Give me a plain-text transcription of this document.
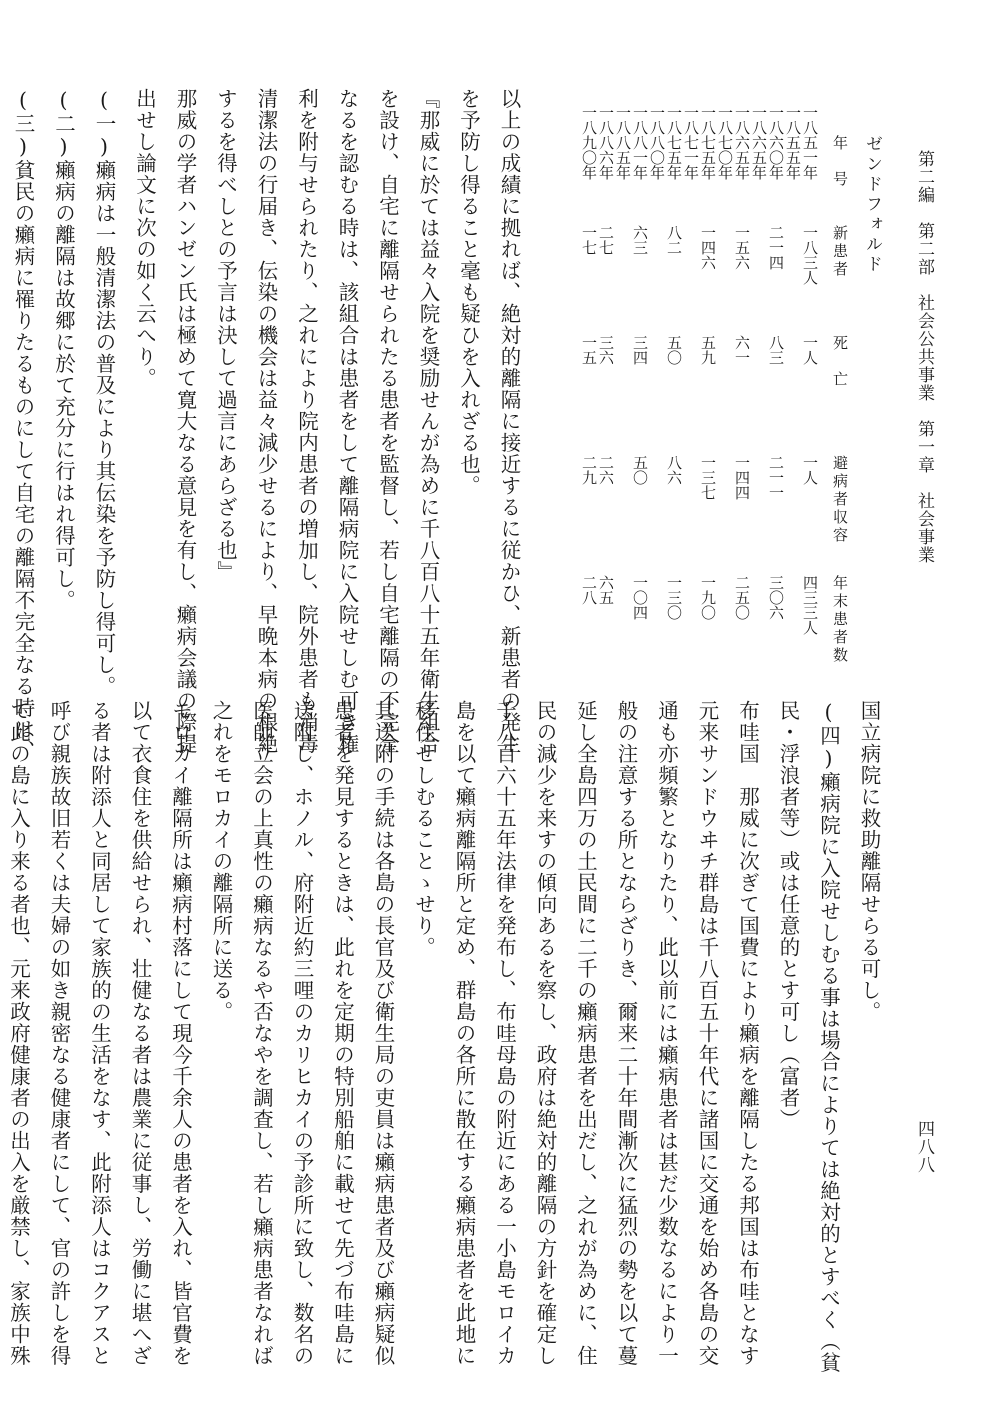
第二編　第二部　社会公共事業　第一章　社会事業
四八八
ゼンドフォルド
年　号
新患者
死　亡
避病者収容
年末患者数
一八五一年
一八三人
一人
一人
四三三人
一八五五年
一八六〇年
二一四
八三
二一一
三〇六
一八六五年
一八六五年
一五六
六一
一四四
二五〇
一八七〇年
一八七五年
一四六
五九
一三七
一九〇
一八七一年
一八七五年
八二
五〇
八六
一三〇
一八八〇年
一八八一年
六三
三四
五〇
一〇四
一八八五年
一八八六年
二七
三六
二六
六五
一八九〇年
一七
一五
二九
二八
以上の成績に拠れば、絶対的離隔に接近するに従かひ、新患者の発生
を予防し得ること毫も疑ひを入れざる也。
『那威に於ては益々入院を奨励せんが為めに千八百八十五年衛生組合
を設け、自宅に離隔せられたる患者を監督し、若し自宅離隔の不完全
なるを認むる時は、該組合は患者をして離隔病院に入院せしむ可き権
利を附与せられたり、之れにより院内患者の増加し、院外患者も消毒
清潔法の行届き、伝染の機会は益々減少せるにより、早晩本病の根絶
するを得べしとの予言は決して過言にあらざる也』
那威の学者ハンゼン氏は極めて寛大なる意見を有し、癩病会議の際提
出せし論文に次の如く云へり。
(一)癩病は一般清潔法の普及により其伝染を予防し得可し。
(二)癩病の離隔は故郷に於て充分に行はれ得可し。
(三)貧民の癩病に罹りたるものにして自宅の離隔不完全なる時は、
国立病院に救助離隔せらる可し。
(四)癩病院に入院せしむる事は場合によりては絶対的とすべく（貧
民・浮浪者等）或は任意的とす可し（富者）
布哇国　那威に次ぎて国費により癩病を離隔したる邦国は布哇となす
元来サンドウヰチ群島は千八百五十年代に諸国に交通を始め各島の交
通も亦頻繁となりたり、此以前には癩病患者は甚だ少数なるにより一
般の注意する所とならざりき、爾来二十年間漸次に猛烈の勢を以て蔓
延し全島四万の土民間に二千の癩病患者を出だし、之れが為めに、住
民の減少を来すの傾向あるを察し、政府は絶対的離隔の方針を確定し
千八百六十五年法律を発布し、布哇母島の附近にある一小島モロイカ
島を以て癩病離隔所と定め、群島の各所に散在する癩病患者を此地に
移住せしむることゝせり。
其送附の手続は各島の長官及び衛生局の吏員は癩病患者及び癩病疑似
患者を発見するときは、此れを定期の特別船舶に載せて先づ布哇島に
送附し、ホノル、府附近約三哩のカリヒカイの予診所に致し、数名の
医師立会の上真性の癩病なるや否なやを調査し、若し癩病患者なれば
之れをモロカイの離隔所に送る。
モロカイ離隔所は癩病村落にして現今千余人の患者を入れ、皆官費を
以て衣食住を供給せられ、壮健なる者は農業に従事し、労働に堪へざ
る者は附添人と同居して家族的の生活をなす、此附添人はコクアスと
呼び親族故旧若くは夫婦の如き親密なる健康者にして、官の許しを得
て此の島に入り来る者也、元来政府健康者の出入を厳禁し、家族中殊
